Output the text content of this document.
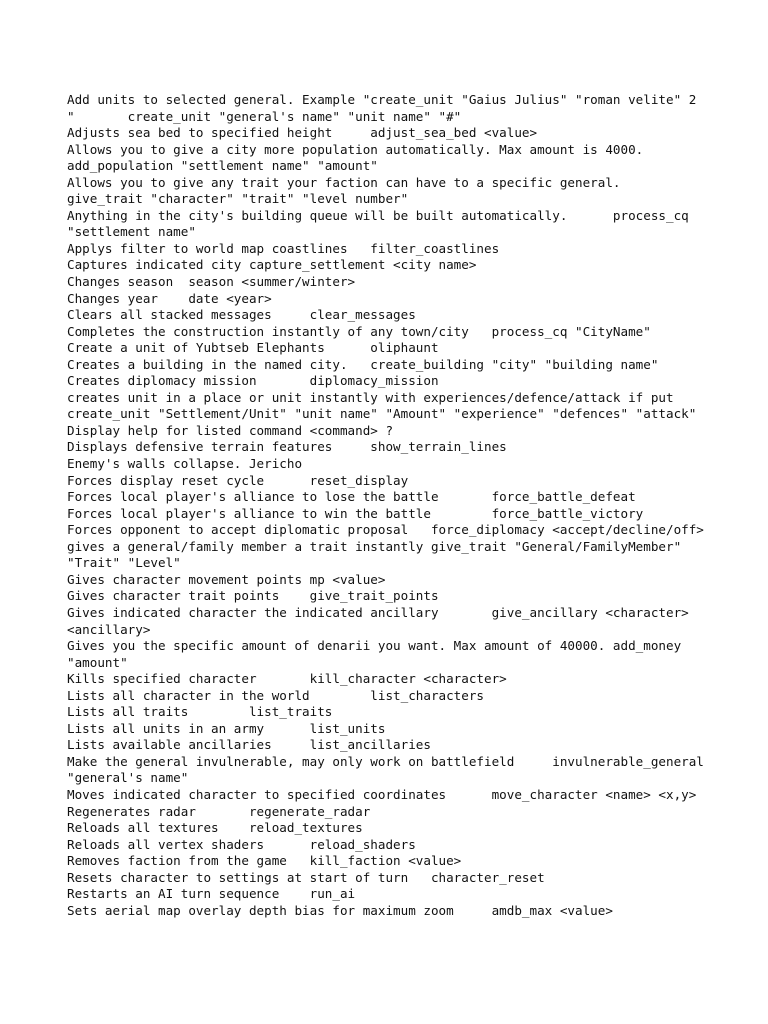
Add units to selected general. Example "create_unit "Gaius Julius" "roman velite" 2
"       create_unit "general's name" "unit name" "#"
Adjusts sea bed to specified height     adjust_sea_bed <value>
Allows you to give a city more population automatically. Max amount is 4000.
add_population "settlement name" "amount"
Allows you to give any trait your faction can have to a specific general.
give_trait "character" "trait" "level number"
Anything in the city's building queue will be built automatically.      process_cq
"settlement name"
Applys filter to world map coastlines   filter_coastlines
Captures indicated city capture_settlement <city name>
Changes season  season <summer/winter>
Changes year    date <year>
Clears all stacked messages     clear_messages
Completes the construction instantly of any town/city   process_cq "CityName"
Create a unit of Yubtseb Elephants      oliphaunt
Creates a building in the named city.   create_building "city" "building name"
Creates diplomacy mission       diplomacy_mission
creates unit in a place or unit instantly with experiences/defence/attack if put
create_unit "Settlement/Unit" "unit name" "Amount" "experience" "defences" "attack"
Display help for listed command <command> ?
Displays defensive terrain features     show_terrain_lines
Enemy's walls collapse. Jericho
Forces display reset cycle      reset_display
Forces local player's alliance to lose the battle       force_battle_defeat
Forces local player's alliance to win the battle        force_battle_victory
Forces opponent to accept diplomatic proposal   force_diplomacy <accept/decline/off>
gives a general/family member a trait instantly give_trait "General/FamilyMember"
"Trait" "Level"
Gives character movement points mp <value>
Gives character trait points    give_trait_points
Gives indicated character the indicated ancillary       give_ancillary <character>
<ancillary>
Gives you the specific amount of denarii you want. Max amount of 40000. add_money
"amount"
Kills specified character       kill_character <character>
Lists all character in the world        list_characters
Lists all traits        list_traits
Lists all units in an army      list_units
Lists available ancillaries     list_ancillaries
Make the general invulnerable, may only work on battlefield     invulnerable_general
"general's name"
Moves indicated character to specified coordinates      move_character <name> <x,y>
Regenerates radar       regenerate_radar
Reloads all textures    reload_textures
Reloads all vertex shaders      reload_shaders
Removes faction from the game   kill_faction <value>
Resets character to settings at start of turn   character_reset
Restarts an AI turn sequence    run_ai
Sets aerial map overlay depth bias for maximum zoom     amdb_max <value>
